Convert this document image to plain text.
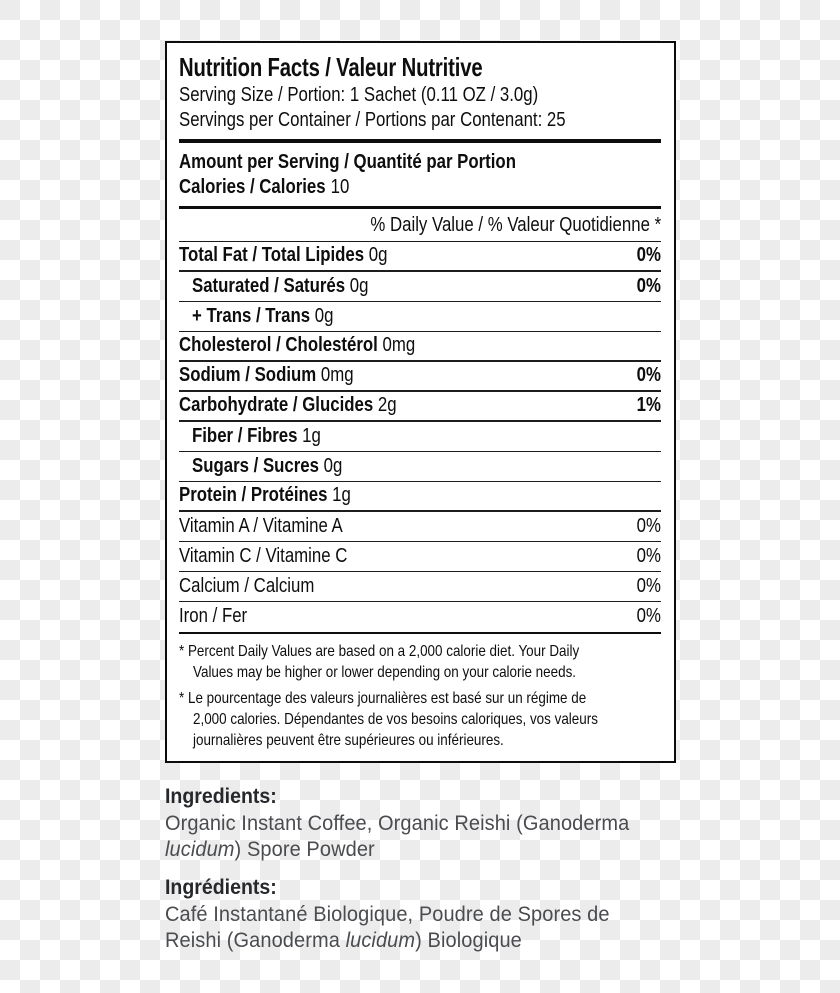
Nutrition Facts / Valeur Nutritive
Serving Size / Portion: 1 Sachet (0.11 OZ / 3.0g)
Servings per Container / Portions par Contenant: 25
Amount per Serving / Quantité par Portion
Calories / Calories 10
% Daily Value / % Valeur Quotidienne *
Total Fat / Total Lipides 0g	0%
Saturated / Saturés 0g	0%
+ Trans / Trans 0g
Cholesterol / Cholestérol 0mg
Sodium / Sodium 0mg	0%
Carbohydrate / Glucides 2g	1%
Fiber / Fibres 1g
Sugars / Sucres 0g
Protein / Protéines 1g
Vitamin A / Vitamine A	0%
Vitamin C / Vitamine C	0%
Calcium / Calcium	0%
Iron / Fer	0%
* Percent Daily Values are based on a 2,000 calorie diet. Your Daily
Values may be higher or lower depending on your calorie needs.
* Le pourcentage des valeurs journalières est basé sur un régime de
2,000 calories. Dépendantes de vos besoins caloriques, vos valeurs
journalières peuvent être supérieures ou inférieures.
Ingredients:
Organic Instant Coffee, Organic Reishi (Ganoderma
lucidum) Spore Powder
Ingrédients:
Café Instantané Biologique, Poudre de Spores de
Reishi (Ganoderma lucidum) Biologique
